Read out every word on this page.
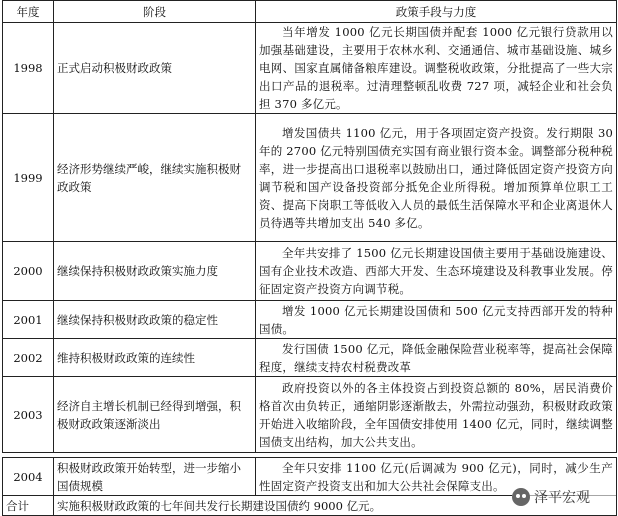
年度	阶段	政策手段与力度
1998	正式启动积极财政政策	当年增发 1000 亿元长期国债并配套 1000 亿元银行贷款用以加强基础建设，主要用于农林水利、交通通信、城市基础设施、城乡电网、国家直属储备粮库建设。调整税收政策，分批提高了一些大宗出口产品的退税率。过清理整顿乱收费 727 项，减轻企业和社会负担 370 多亿元。
1999	经济形势继续严峻，继续实施积极财政政策	增发国债共 1100 亿元，用于各项固定资产投资。发行期限 30 年的 2700 亿元特别国债充实国有商业银行资本金。调整部分税种税率，进一步提高出口退税率以鼓励出口，通过降低固定资产投资方向调节税和国产设备投资部分抵免企业所得税。增加预算单位职工工资、提高下岗职工等低收入人员的最低生活保障水平和企业离退休人员待遇等共增加支出 540 多亿。
2000	继续保持积极财政政策实施力度	全年共安排了 1500 亿元长期建设国债主要用于基础设施建设、国有企业技术改造、西部大开发、生态环境建设及科教事业发展。停征固定资产投资方向调节税。
2001	继续保持积极财政政策的稳定性	增发 1000 亿元长期建设国债和 500 亿元支持西部开发的特种国债。
2002	维持积极财政政策的连续性	发行国债 1500 亿元，降低金融保险营业税率等，提高社会保障程度，继续支持农村税费改革
2003	经济自主增长机制已经得到增强，积极财政政策逐渐淡出	政府投资以外的各主体投资占到投资总额的 80%，居民消费价格首次由负转正，通缩阴影逐渐散去，外需拉动强劲，积极财政政策开始进入收缩阶段，全年国债安排使用 1400 亿元，同时，继续调整国债支出结构，加大公共支出。
2004	积极财政政策开始转型，进一步缩小国债规模	全年只安排 1100 亿元(后调减为 900 亿元)，同时，减少生产性固定资产投资支出和加大公共社会保障支出。
合计	实施积极财政政策的七年间共发行长期建设国债约 9000 亿元。		泽平宏观
